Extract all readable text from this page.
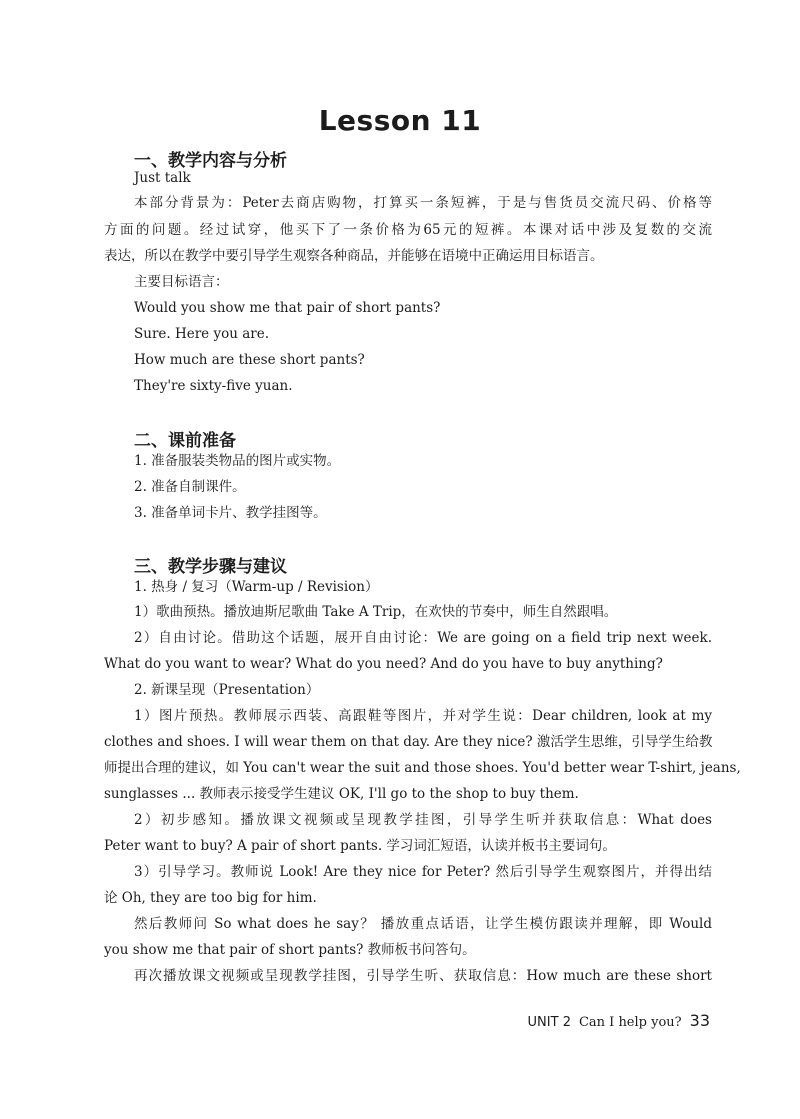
Lesson 11
一、教学内容与分析
Just talk
本部分背景为：Peter去商店购物，打算买一条短裤，于是与售货员交流尺码、价格等
方面的问题。经过试穿，他买下了一条价格为65元的短裤。本课对话中涉及复数的交流
表达，所以在教学中要引导学生观察各种商品，并能够在语境中正确运用目标语言。
主要目标语言：
Would you show me that pair of short pants?
Sure. Here you are.
How much are these short pants?
They're sixty-five yuan.
二、课前准备
1. 准备服装类物品的图片或实物。
2. 准备自制课件。
3. 准备单词卡片、教学挂图等。
三、教学步骤与建议
1. 热身 / 复习（Warm-up / Revision）
1）歌曲预热。播放迪斯尼歌曲 Take A Trip，在欢快的节奏中，师生自然跟唱。
2）自由讨论。借助这个话题，展开自由讨论：We are going on a field trip next week.
What do you want to wear? What do you need? And do you have to buy anything?
2. 新课呈现（Presentation）
1）图片预热。教师展示西装、高跟鞋等图片，并对学生说：Dear children, look at my
clothes and shoes. I will wear them on that day. Are they nice? 激活学生思维，引导学生给教
师提出合理的建议，如 You can't wear the suit and those shoes. You'd better wear T-shirt, jeans,
sunglasses ... 教师表示接受学生建议 OK, I'll go to the shop to buy them.
2）初步感知。播放课文视频或呈现教学挂图，引导学生听并获取信息：What does
Peter want to buy? A pair of short pants. 学习词汇短语，认读并板书主要词句。
3）引导学习。教师说 Look! Are they nice for Peter? 然后引导学生观察图片，并得出结
论 Oh, they are too big for him.
然后教师问 So what does he say？ 播放重点话语，让学生模仿跟读并理解，即 Would
you show me that pair of short pants? 教师板书问答句。
再次播放课文视频或呈现教学挂图，引导学生听、获取信息：How much are these short
UNIT 2 Can I help you? 33
